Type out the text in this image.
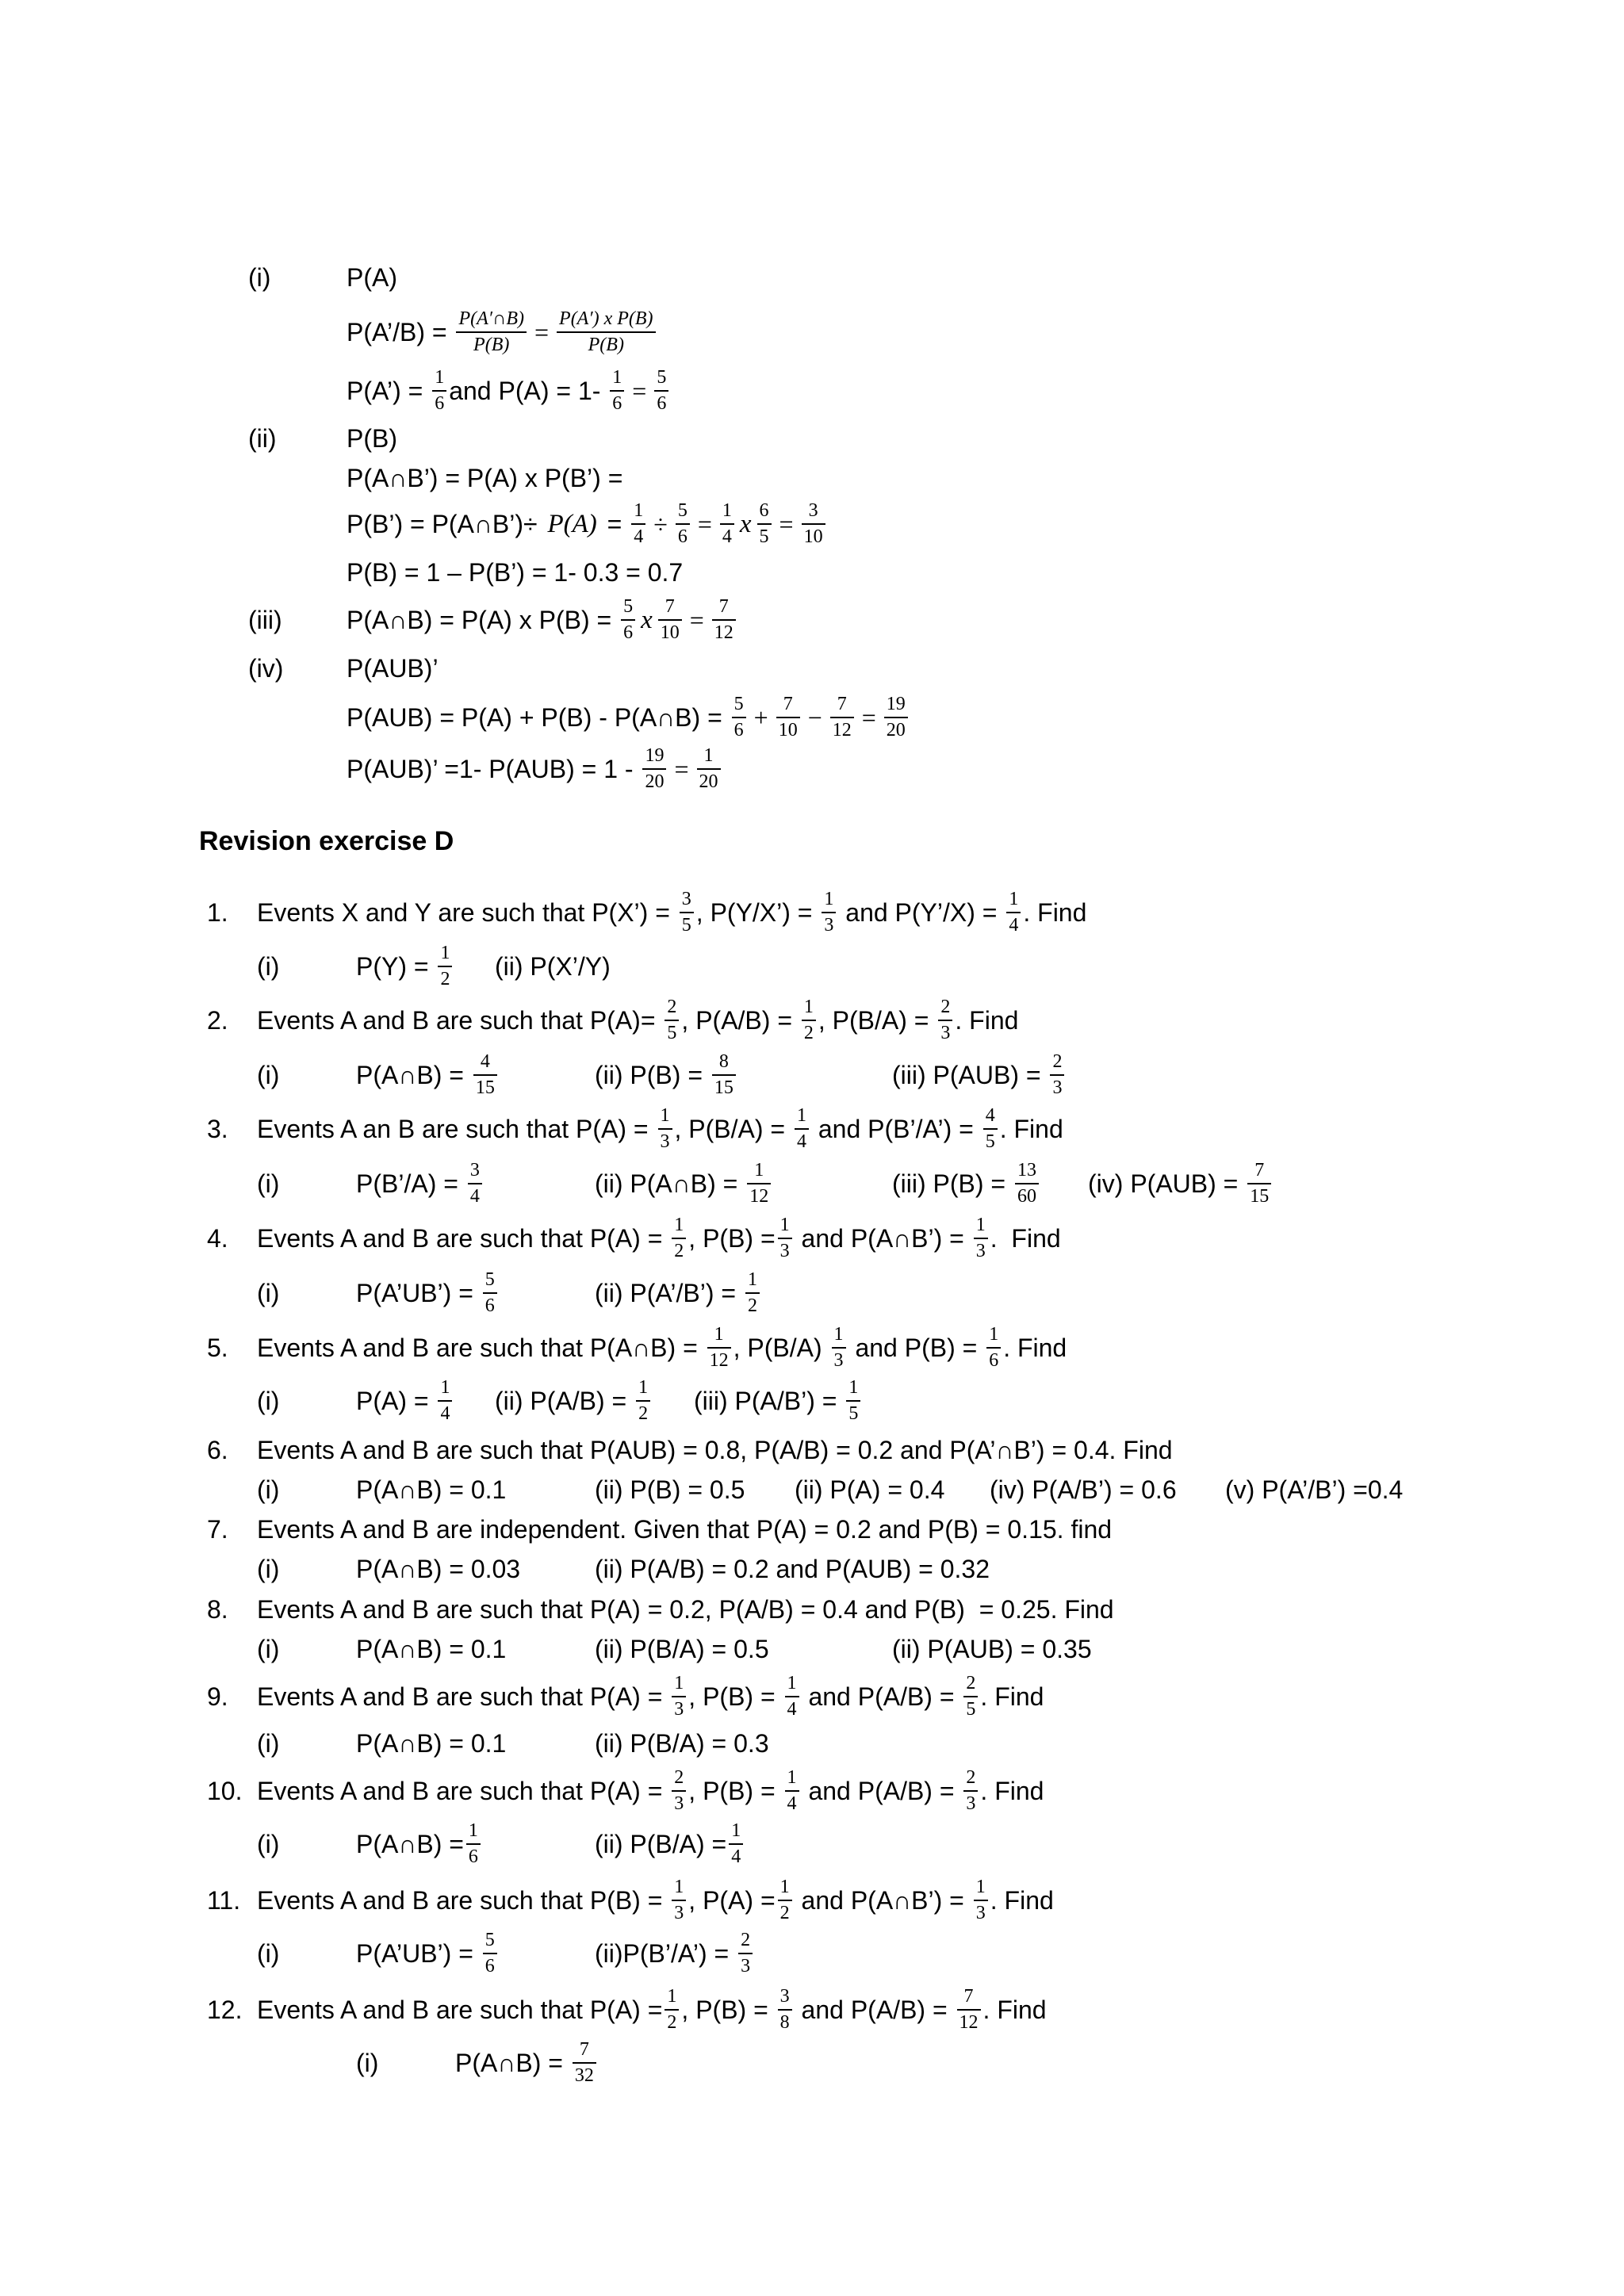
(i)	P(A)
P(A’/B) = $\frac{P(A'\cap B)}{P(B)} = \frac{\text{P(A′) x P(B)}}{P(B)}$
P(A’) = $\frac{1}{6}$ and $P(A) = 1- \frac{1}{6} = \frac{5}{6}$
(ii)	P(B)
P(A∩B’) = P(A) x P(B’) =
P(B’) = P(A∩B’)÷ $P(A) = \frac{1}{4} \div \frac{5}{6} = \frac{1}{4}$ x $\frac{6}{5} = \frac{3}{10}$
P(B) = 1 – P(B’) = 1- 0.3 = 0.7
(iii)	P(A∩B) = P(A) x $P(B) = \frac{5}{6}$ x $\frac{7}{10} = \frac{7}{12}$
(iv) P(AUB)’
P(AUB) = P(A) + P(B) - P(A∩B) = $\frac{5}{6} + \frac{7}{10} - \frac{7}{12} = \frac{19}{20}$
P(AUB)’ =1- $P(AUB) = 1 - \frac{19}{20} = \frac{1}{20}$
Revision exercise D
1. Events X and Y are such that P(X’) = $\frac{3}{5}$ , P(Y/X’) = $\frac{1}{3}$ and P(Y’/X) = $\frac{1}{4}$ . Find
(i)	$P(Y) = \frac{1}{2} (ii)$ P(X’/Y)
2. Events A and B are such that $P(A)= \frac{2}{5}$ , $P(A/B) = \frac{1}{2}$ , $P(B/A) = \frac{2}{3}$ . Find
(i)	P(A∩B) = $\frac{4}{15}$	(ii) $P(B) = \frac{8}{15}$	(iii) $P(AUB) = \frac{2}{3}$
3. Events A an B are such that $P(A) = \frac{1}{3}$ , $P(B/A) = \frac{1}{4}$ and P(B’/A’) = $\frac{4}{5}$ . Find
(i)	P(B’/A) = $\frac{3}{4}$	(ii) P(A∩B) = $\frac{1}{12}$	(iii) $P(B) = \frac{13}{60} (iv) P(AUB) = \frac{7}{15}$
4. Events A and B are such that $P(A) = \frac{1}{2}$ , $P(B) = \frac{1}{3}$ and P(A∩B’) = $\frac{1}{3}$ .  Find
(i)	P(A’UB’) = $\frac{5}{6}$	(ii) P(A’/B’) = $\frac{1}{2}$
5. Events A and B are such that P(A∩B) = $\frac{1}{12}$ , $P(B/A) \frac{1}{3}$ and $P(B) = \frac{1}{6}$ . Find
(i)	$P(A) = \frac{1}{4} (ii) P(A/B) = \frac{1}{2} (iii)$ P(A/B’) = $\frac{1}{5}$
6. Events A and B are such that P(AUB) = 0.8, P(A/B) = 0.2 and P(A’∩B’) = 0.4. Find
(i)	P(A∩B) = 0.1	(ii) P(B) = 0.5 (ii) P(A) = 0.4 (iv) P(A/B’) = 0.6 (v) P(A’/B’) =0.4
7. Events A and B are independent. Given that P(A) = 0.2 and P(B) = 0.15. find
(i)	P(A∩B) = 0.03	(ii) P(A/B) = 0.2 and P(AUB) = 0.32
8. Events A and B are such that P(A) = 0.2, P(A/B) = 0.4 and P(B)  = 0.25. Find
(i)	P(A∩B) = 0.1	(ii) P(B/A) = 0.5	(ii) P(AUB) = 0.35
9. Events A and B are such that $P(A) = \frac{1}{3}$ , $P(B) = \frac{1}{4}$ and $P(A/B) = \frac{2}{5}$ . Find
(i)	P(A∩B) = 0.1	(ii) P(B/A) = 0.3
10. Events A and B are such that $P(A) = \frac{2}{3}$ , $P(B) = \frac{1}{4}$ and $P(A/B) = \frac{2}{3}$ . Find
(i)	P(A∩B) = $\frac{1}{6}$	(ii) $P(B/A) = \frac{1}{4}$
11. Events A and B are such that $P(B) = \frac{1}{3}$ , $P(A) = \frac{1}{2}$ and P(A∩B’) = $\frac{1}{3}$ . Find
(i)	P(A’UB’) = $\frac{5}{6}$	(ii)P(B’/A’) = $\frac{2}{3}$
12. Events A and B are such that $P(A) = \frac{1}{2}$ , $P(B) = \frac{3}{8}$ and $P(A/B) = \frac{7}{12}$ . Find
(i)	P(A∩B) = $\frac{7}{32}$
